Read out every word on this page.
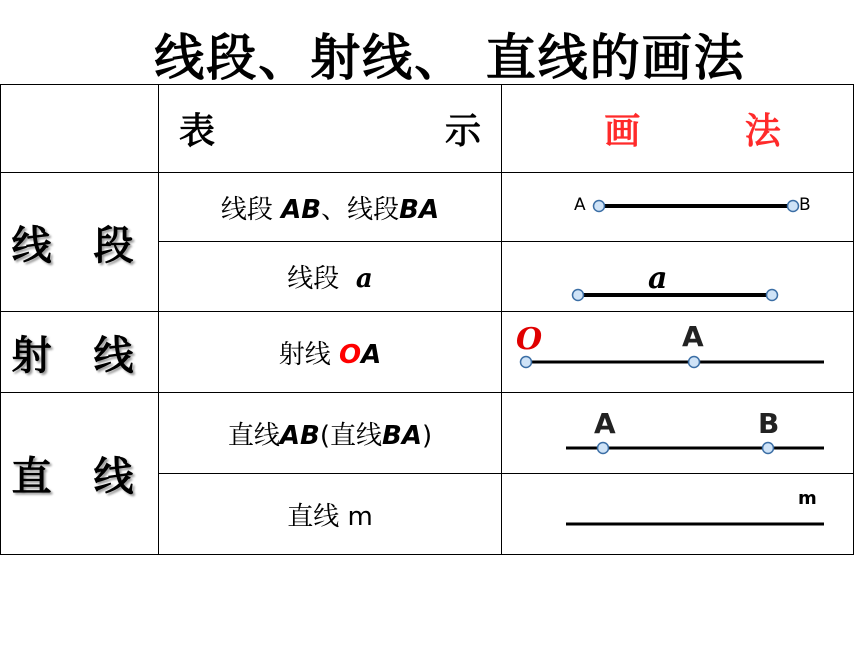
线段、射线、 直线的画法

	表 示	画 法

线 段	线段 AB、线段BA	A B

	线段  a	a

射 线	射线 OA	O A

直 线	直线AB(直线BA)	A B

	直线 m	m
